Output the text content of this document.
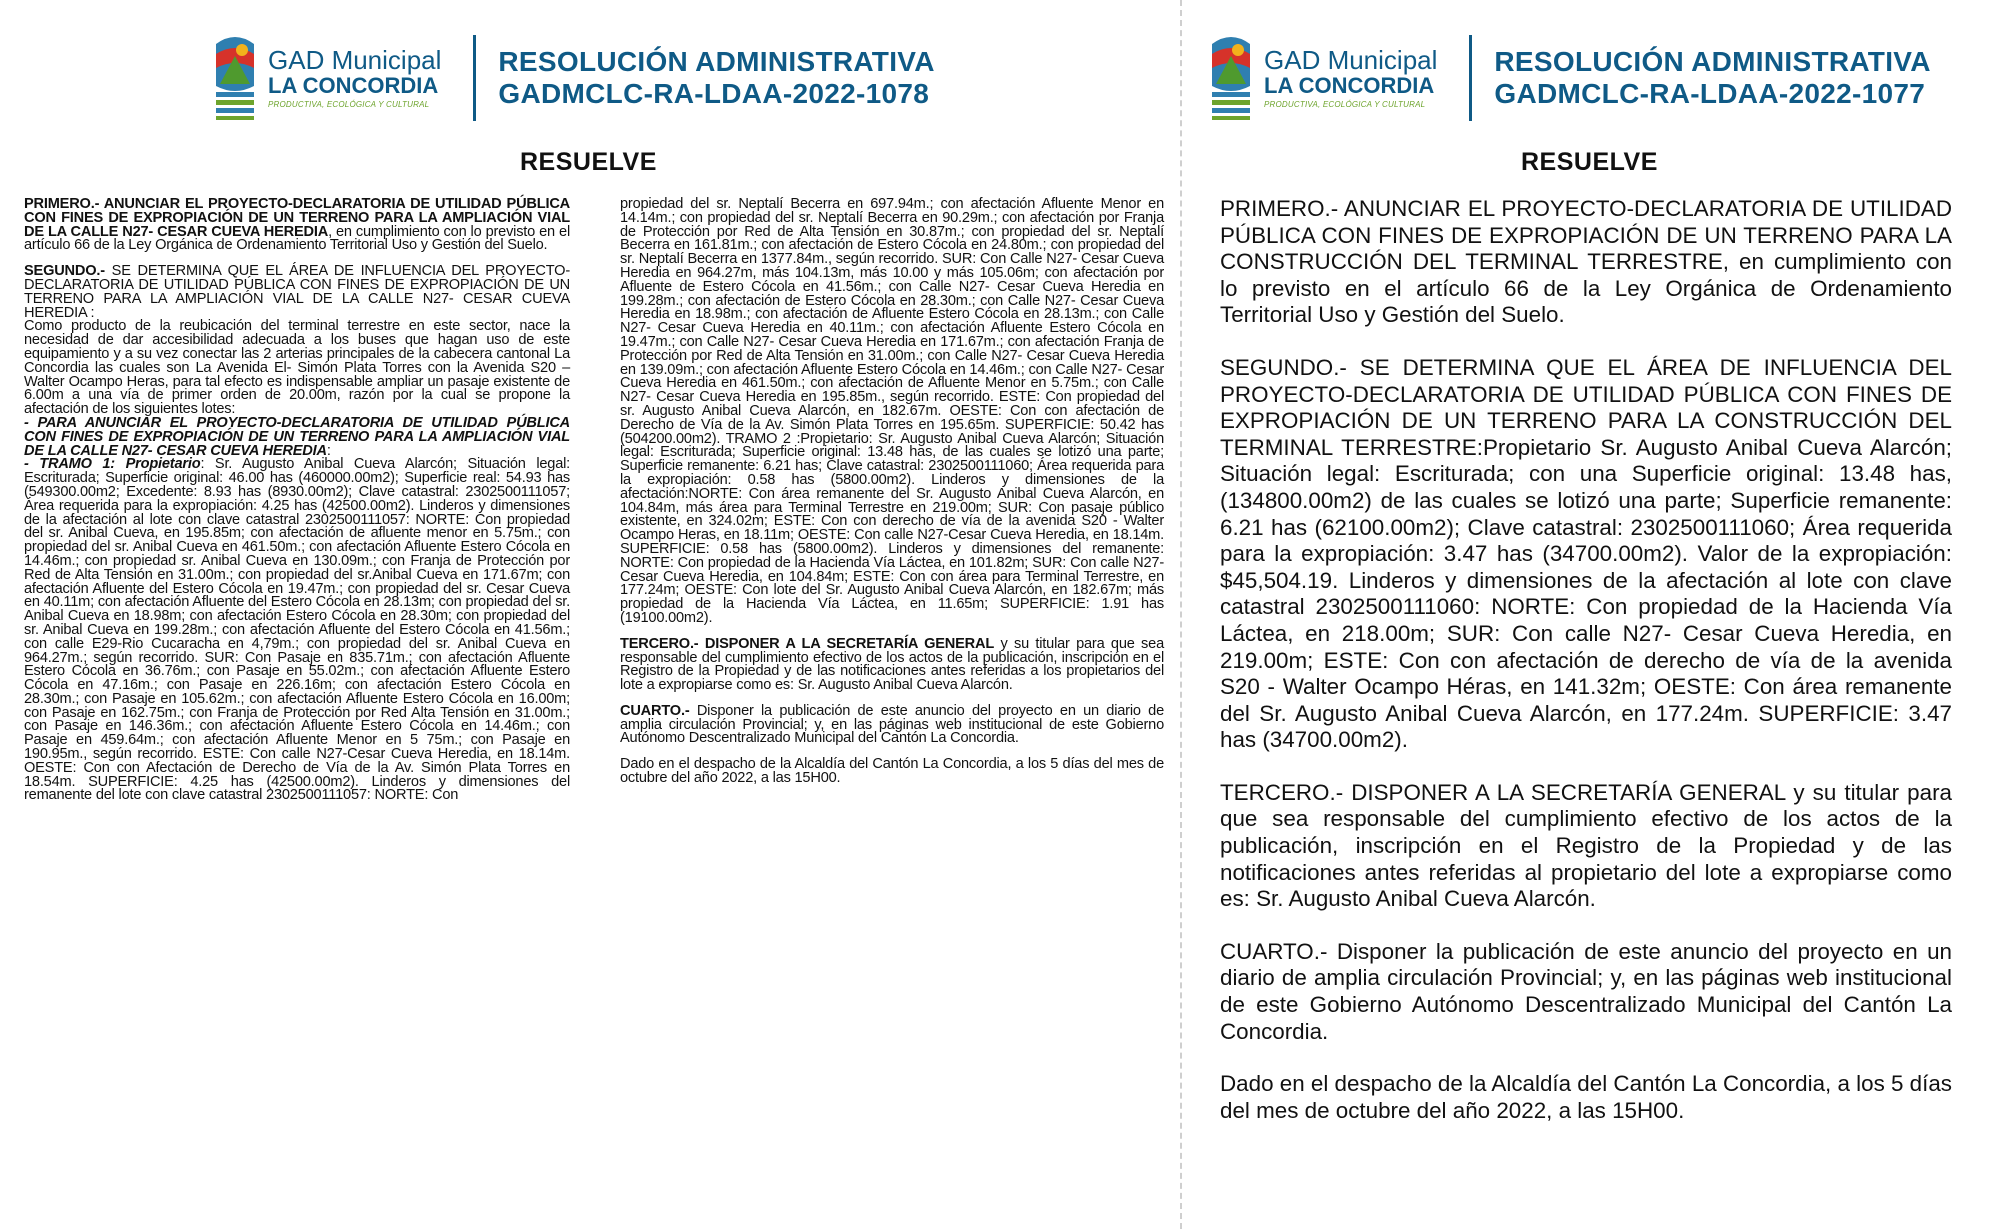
GAD Municipal
LA CONCORDIA
PRODUCTIVA, ECOLÓGICA Y CULTURAL
RESOLUCIÓN ADMINISTRATIVA
GADMCLC-RA-LDAA-2022-1078
RESUELVE

PRIMERO.- ANUNCIAR EL PROYECTO-DECLARATORIA DE UTILIDAD PÚBLICA CON FINES DE EXPROPIACIÓN DE UN TERRENO PARA LA AMPLIACIÓN VIAL DE LA CALLE N27- CESAR CUEVA HEREDIA, en cumplimiento con lo previsto en el artículo 66 de la Ley Orgánica de Ordenamiento Territorial Uso y Gestión del Suelo.

SEGUNDO.- SE DETERMINA QUE EL ÁREA DE INFLUENCIA DEL PROYECTO-DECLARATORIA DE UTILIDAD PÚBLICA CON FINES DE EXPROPIACIÓN DE UN TERRENO PARA LA AMPLIACIÓN VIAL DE LA CALLE N27- CESAR CUEVA HEREDIA :
Como producto de la reubicación del terminal terrestre en este sector, nace la necesidad de dar accesibilidad adecuada a los buses que hagan uso de este equipamiento y a su vez conectar las 2 arterias principales de la cabecera cantonal La Concordia las cuales son La Avenida El- Simón Plata Torres con la Avenida S20 – Walter Ocampo Heras, para tal efecto es indispensable ampliar un pasaje existente de 6.00m a una vía de primer orden de 20.00m, razón por la cual se propone la afectación de los siguientes lotes:
- PARA ANUNCIAR EL PROYECTO-DECLARATORIA DE UTILIDAD PÚBLICA CON FINES DE EXPROPIACIÓN DE UN TERRENO PARA LA AMPLIACIÓN VIAL DE LA CALLE N27- CESAR CUEVA HEREDIA:
- TRAMO 1: Propietario: Sr. Augusto Anibal Cueva Alarcón; Situación legal: Escriturada; Superficie original: 46.00 has (460000.00m2); Superficie real: 54.93 has (549300.00m2; Excedente: 8.93 has (8930.00m2); Clave catastral: 2302500111057; Área requerida para la expropiación: 4.25 has (42500.00m2). Linderos y dimensiones de la afectación al lote con clave catastral 2302500111057: NORTE: Con propiedad del sr. Anibal Cueva, en 195.85m; con afectación de afluente menor en 5.75m.; con propiedad del sr. Anibal Cueva en 461.50m.; con afectación Afluente Estero Cócola en 14.46m.; con propiedad sr. Anibal Cueva en 130.09m.; con Franja de Protección por Red de Alta Tensión en 31.00m.; con propiedad del sr.Anibal Cueva en 171.67m; con afectación Afluente del Estero Cócola en 19.47m.; con propiedad del sr. Cesar Cueva en 40.11m; con afectación Afluente del Estero Cócola en 28.13m; con propiedad del sr. Anibal Cueva en 18.98m; con afectación Estero Cócola en 28.30m; con propiedad del sr. Anibal Cueva en 199.28m.; con afectación Afluente del Estero Cócola en 41.56m.; con calle E29-Rio Cucaracha en 4,79m.; con propiedad del sr. Anibal Cueva en 964.27m.; según recorrido. SUR: Con Pasaje en 835.71m.; con afectación Afluente Estero Cócola en 36.76m.; con Pasaje en 55.02m.; con afectación Afluente Estero Cócola en 47.16m.; con Pasaje en 226.16m; con afectación Estero Cócola en 28.30m.; con Pasaje en 105.62m.; con afectación Afluente Estero Cócola en 16.00m; con Pasaje en 162.75m.; con Franja de Protección por Red Alta Tensión en 31.00m.; con Pasaje en 146.36m.; con afectación Afluente Estero Cócola en 14.46m.; con Pasaje en 459.64m.; con afectación Afluente Menor en 5 75m.; con Pasaje en 190.95m., según recorrido. ESTE: Con calle N27-Cesar Cueva Heredia, en 18.14m. OESTE: Con con Afectación de Derecho de Vía de la Av. Simón Plata Torres en 18.54m. SUPERFICIE: 4.25 has (42500.00m2). Linderos y dimensiones del remanente del lote con clave catastral 2302500111057: NORTE: Con

propiedad del sr. Neptalí Becerra en 697.94m.; con afectación Afluente Menor en 14.14m.; con propiedad del sr. Neptalí Becerra en 90.29m.; con afectación por Franja de Protección por Red de Alta Tensión en 30.87m.; con propiedad del sr. Neptalí Becerra en 161.81m.; con afectación de Estero Cócola en 24.80m.; con propiedad del sr. Neptalí Becerra en 1377.84m., según recorrido. SUR: Con Calle N27- Cesar Cueva Heredia en 964.27m, más 104.13m, más 10.00 y más 105.06m; con afectación por Afluente de Estero Cócola en 41.56m.; con Calle N27- Cesar Cueva Heredia en 199.28m.; con afectación de Estero Cócola en 28.30m.; con Calle N27- Cesar Cueva Heredia en 18.98m.; con afectación de Afluente Estero Cócola en 28.13m.; con Calle N27- Cesar Cueva Heredia en 40.11m.; con afectación Afluente Estero Cócola en 19.47m.; con Calle N27- Cesar Cueva Heredia en 171.67m.; con afectación Franja de Protección por Red de Alta Tensión en 31.00m.; con Calle N27- Cesar Cueva Heredia en 139.09m.; con afectación Afluente Estero Cócola en 14.46m.; con Calle N27- Cesar Cueva Heredia en 461.50m.; con afectación de Afluente Menor en 5.75m.; con Calle N27- Cesar Cueva Heredia en 195.85m., según recorrido. ESTE: Con propiedad del sr. Augusto Anibal Cueva Alarcón, en 182.67m. OESTE: Con con afectación de Derecho de Vía de la Av. Simón Plata Torres en 195.65m. SUPERFICIE: 50.42 has (504200.00m2). TRAMO 2 :Propietario: Sr. Augusto Anibal Cueva Alarcón; Situación legal: Escriturada; Superficie original: 13.48 has, de las cuales se lotizó una parte; Superficie remanente: 6.21 has; Clave catastral: 2302500111060; Área requerida para la expropiación: 0.58 has (5800.00m2). Linderos y dimensiones de la afectación:NORTE: Con área remanente del Sr. Augusto Anibal Cueva Alarcón, en 104.84m, más área para Terminal Terrestre en 219.00m; SUR: Con pasaje público existente, en 324.02m; ESTE: Con con derecho de vía de la avenida S20 - Walter Ocampo Heras, en 18.11m; OESTE: Con calle N27-Cesar Cueva Heredia, en 18.14m. SUPERFICIE: 0.58 has (5800.00m2). Linderos y dimensiones del remanente: NORTE: Con propiedad de la Hacienda Vía Láctea, en 101.82m; SUR: Con calle N27- Cesar Cueva Heredia, en 104.84m; ESTE: Con con área para Terminal Terrestre, en 177.24m; OESTE: Con lote del Sr. Augusto Anibal Cueva Alarcón, en 182.67m; más propiedad de la Hacienda Vía Láctea, en 11.65m; SUPERFICIE: 1.91 has (19100.00m2).

TERCERO.- DISPONER A LA SECRETARÍA GENERAL y su titular para que sea responsable del cumplimiento efectivo de los actos de la publicación, inscripción en el Registro de la Propiedad y de las notificaciones antes referidas a los propietarios del lote a expropiarse como es: Sr. Augusto Anibal Cueva Alarcón.

CUARTO.- Disponer la publicación de este anuncio del proyecto en un diario de amplia circulación Provincial; y, en las páginas web institucional de este Gobierno Autónomo Descentralizado Municipal del Cantón La Concordia.

Dado en el despacho de la Alcaldía del Cantón La Concordia, a los 5 días del mes de octubre del año 2022, a las 15H00.

GAD Municipal
LA CONCORDIA
PRODUCTIVA, ECOLÓGICA Y CULTURAL
RESOLUCIÓN ADMINISTRATIVA
GADMCLC-RA-LDAA-2022-1077
RESUELVE

PRIMERO.- ANUNCIAR EL PROYECTO-DECLARATORIA DE UTILIDAD PÚBLICA CON FINES DE EXPROPIACIÓN DE UN TERRENO PARA LA CONSTRUCCIÓN DEL TERMINAL TERRESTRE, en cumplimiento con lo previsto en el artículo 66 de la Ley Orgánica de Ordenamiento Territorial Uso y Gestión del Suelo.

SEGUNDO.- SE DETERMINA QUE EL ÁREA DE INFLUENCIA DEL PROYECTO-DECLARATORIA DE UTILIDAD PÚBLICA CON FINES DE EXPROPIACIÓN DE UN TERRENO PARA LA CONSTRUCCIÓN DEL TERMINAL TERRESTRE:Propietario Sr. Augusto Anibal Cueva Alarcón; Situación legal: Escriturada; con una Superficie original: 13.48 has, (134800.00m2) de las cuales se lotizó una parte; Superficie remanente: 6.21 has (62100.00m2); Clave catastral: 2302500111060; Área requerida para la expropiación: 3.47 has (34700.00m2). Valor de la expropiación: $45,504.19. Linderos y dimensiones de la afectación al lote con clave catastral 2302500111060: NORTE: Con propiedad de la Hacienda Vía Láctea, en 218.00m; SUR: Con calle N27- Cesar Cueva Heredia, en 219.00m; ESTE: Con con afectación de derecho de vía de la avenida S20 - Walter Ocampo Héras, en 141.32m; OESTE: Con área remanente del Sr. Augusto Anibal Cueva Alarcón, en 177.24m. SUPERFICIE: 3.47 has (34700.00m2).

TERCERO.- DISPONER A LA SECRETARÍA GENERAL y su titular para que sea responsable del cumplimiento efectivo de los actos de la publicación, inscripción en el Registro de la Propiedad y de las notificaciones antes referidas al propietario del lote a expropiarse como es: Sr. Augusto Anibal Cueva Alarcón.

CUARTO.- Disponer la publicación de este anuncio del proyecto en un diario de amplia circulación Provincial; y, en las páginas web institucional de este Gobierno Autónomo Descentralizado Municipal del Cantón La Concordia.

Dado en el despacho de la Alcaldía del Cantón La Concordia, a los 5 días del mes de octubre del año 2022, a las 15H00.
